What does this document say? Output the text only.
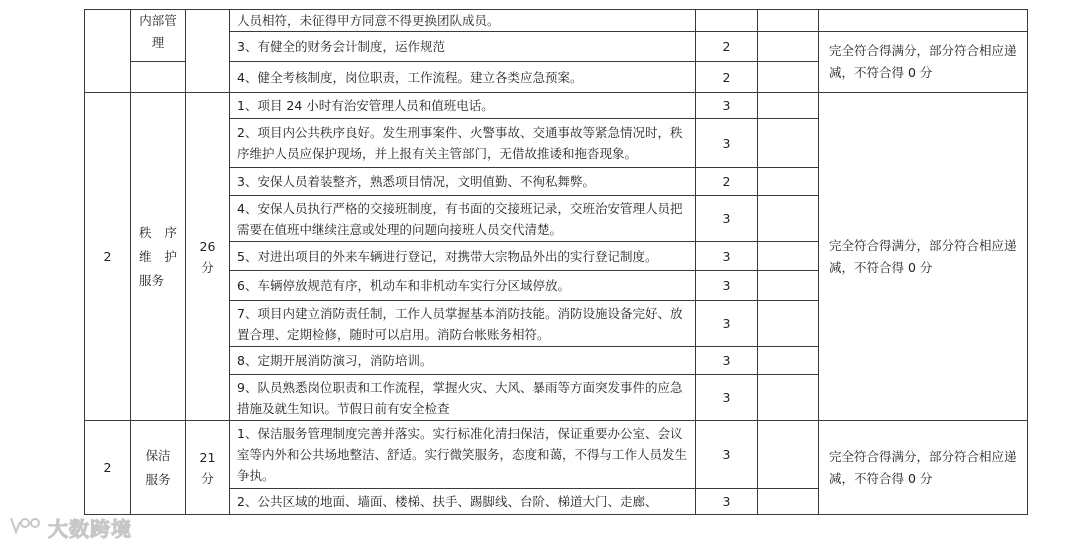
	内部管理		人员相符，未征得甲方同意不得更换团队成员。			
			3、有健全的财务会计制度，运作规范	2		完全符合得满分，部分符合相应递减，不符合得 0 分
			4、健全考核制度，岗位职责，工作流程。建立各类应急预案。	2		
2	秩 序
维 护
服务	26 分	1、项目 24 小时有治安管理人员和值班电话。	3		完全符合得满分，部分符合相应递减，不符合得 0 分
			2、项目内公共秩序良好。发生刑事案件、火警事故、交通事故等紧急情况时，秩序维护人员应保护现场，并上报有关主管部门，无借故推诿和拖沓现象。	3		
			3、安保人员着装整齐，熟悉项目情况，文明值勤、不徇私舞弊。	2		
			4、安保人员执行严格的交接班制度，有书面的交接班记录，交班治安管理人员把需要在值班中继续注意或处理的问题向接班人员交代清楚。	3		
			5、对进出项目的外来车辆进行登记，对携带大宗物品外出的实行登记制度。	3		
			6、车辆停放规范有序，机动车和非机动车实行分区域停放。	3		
			7、项目内建立消防责任制，工作人员掌握基本消防技能。消防设施设备完好、放置合理、定期检修，随时可以启用。消防台帐账务相符。	3		
			8、定期开展消防演习，消防培训。	3		
			9、队员熟悉岗位职责和工作流程，掌握火灾、大风、暴雨等方面突发事件的应急措施及就生知识。节假日前有安全检查	3		
2	保洁服务	21 分	1、保洁服务管理制度完善并落实。实行标准化清扫保洁，保证重要办公室、会议室等内外和公共场地整洁、舒适。实行微笑服务，态度和蔼，不得与工作人员发生争执。	3		完全符合得满分，部分符合相应递减，不符合得 0 分
			2、公共区域的地面、墙面、楼梯、扶手、踢脚线、台阶、梯道大门、走廊、	3		
大数跨境
